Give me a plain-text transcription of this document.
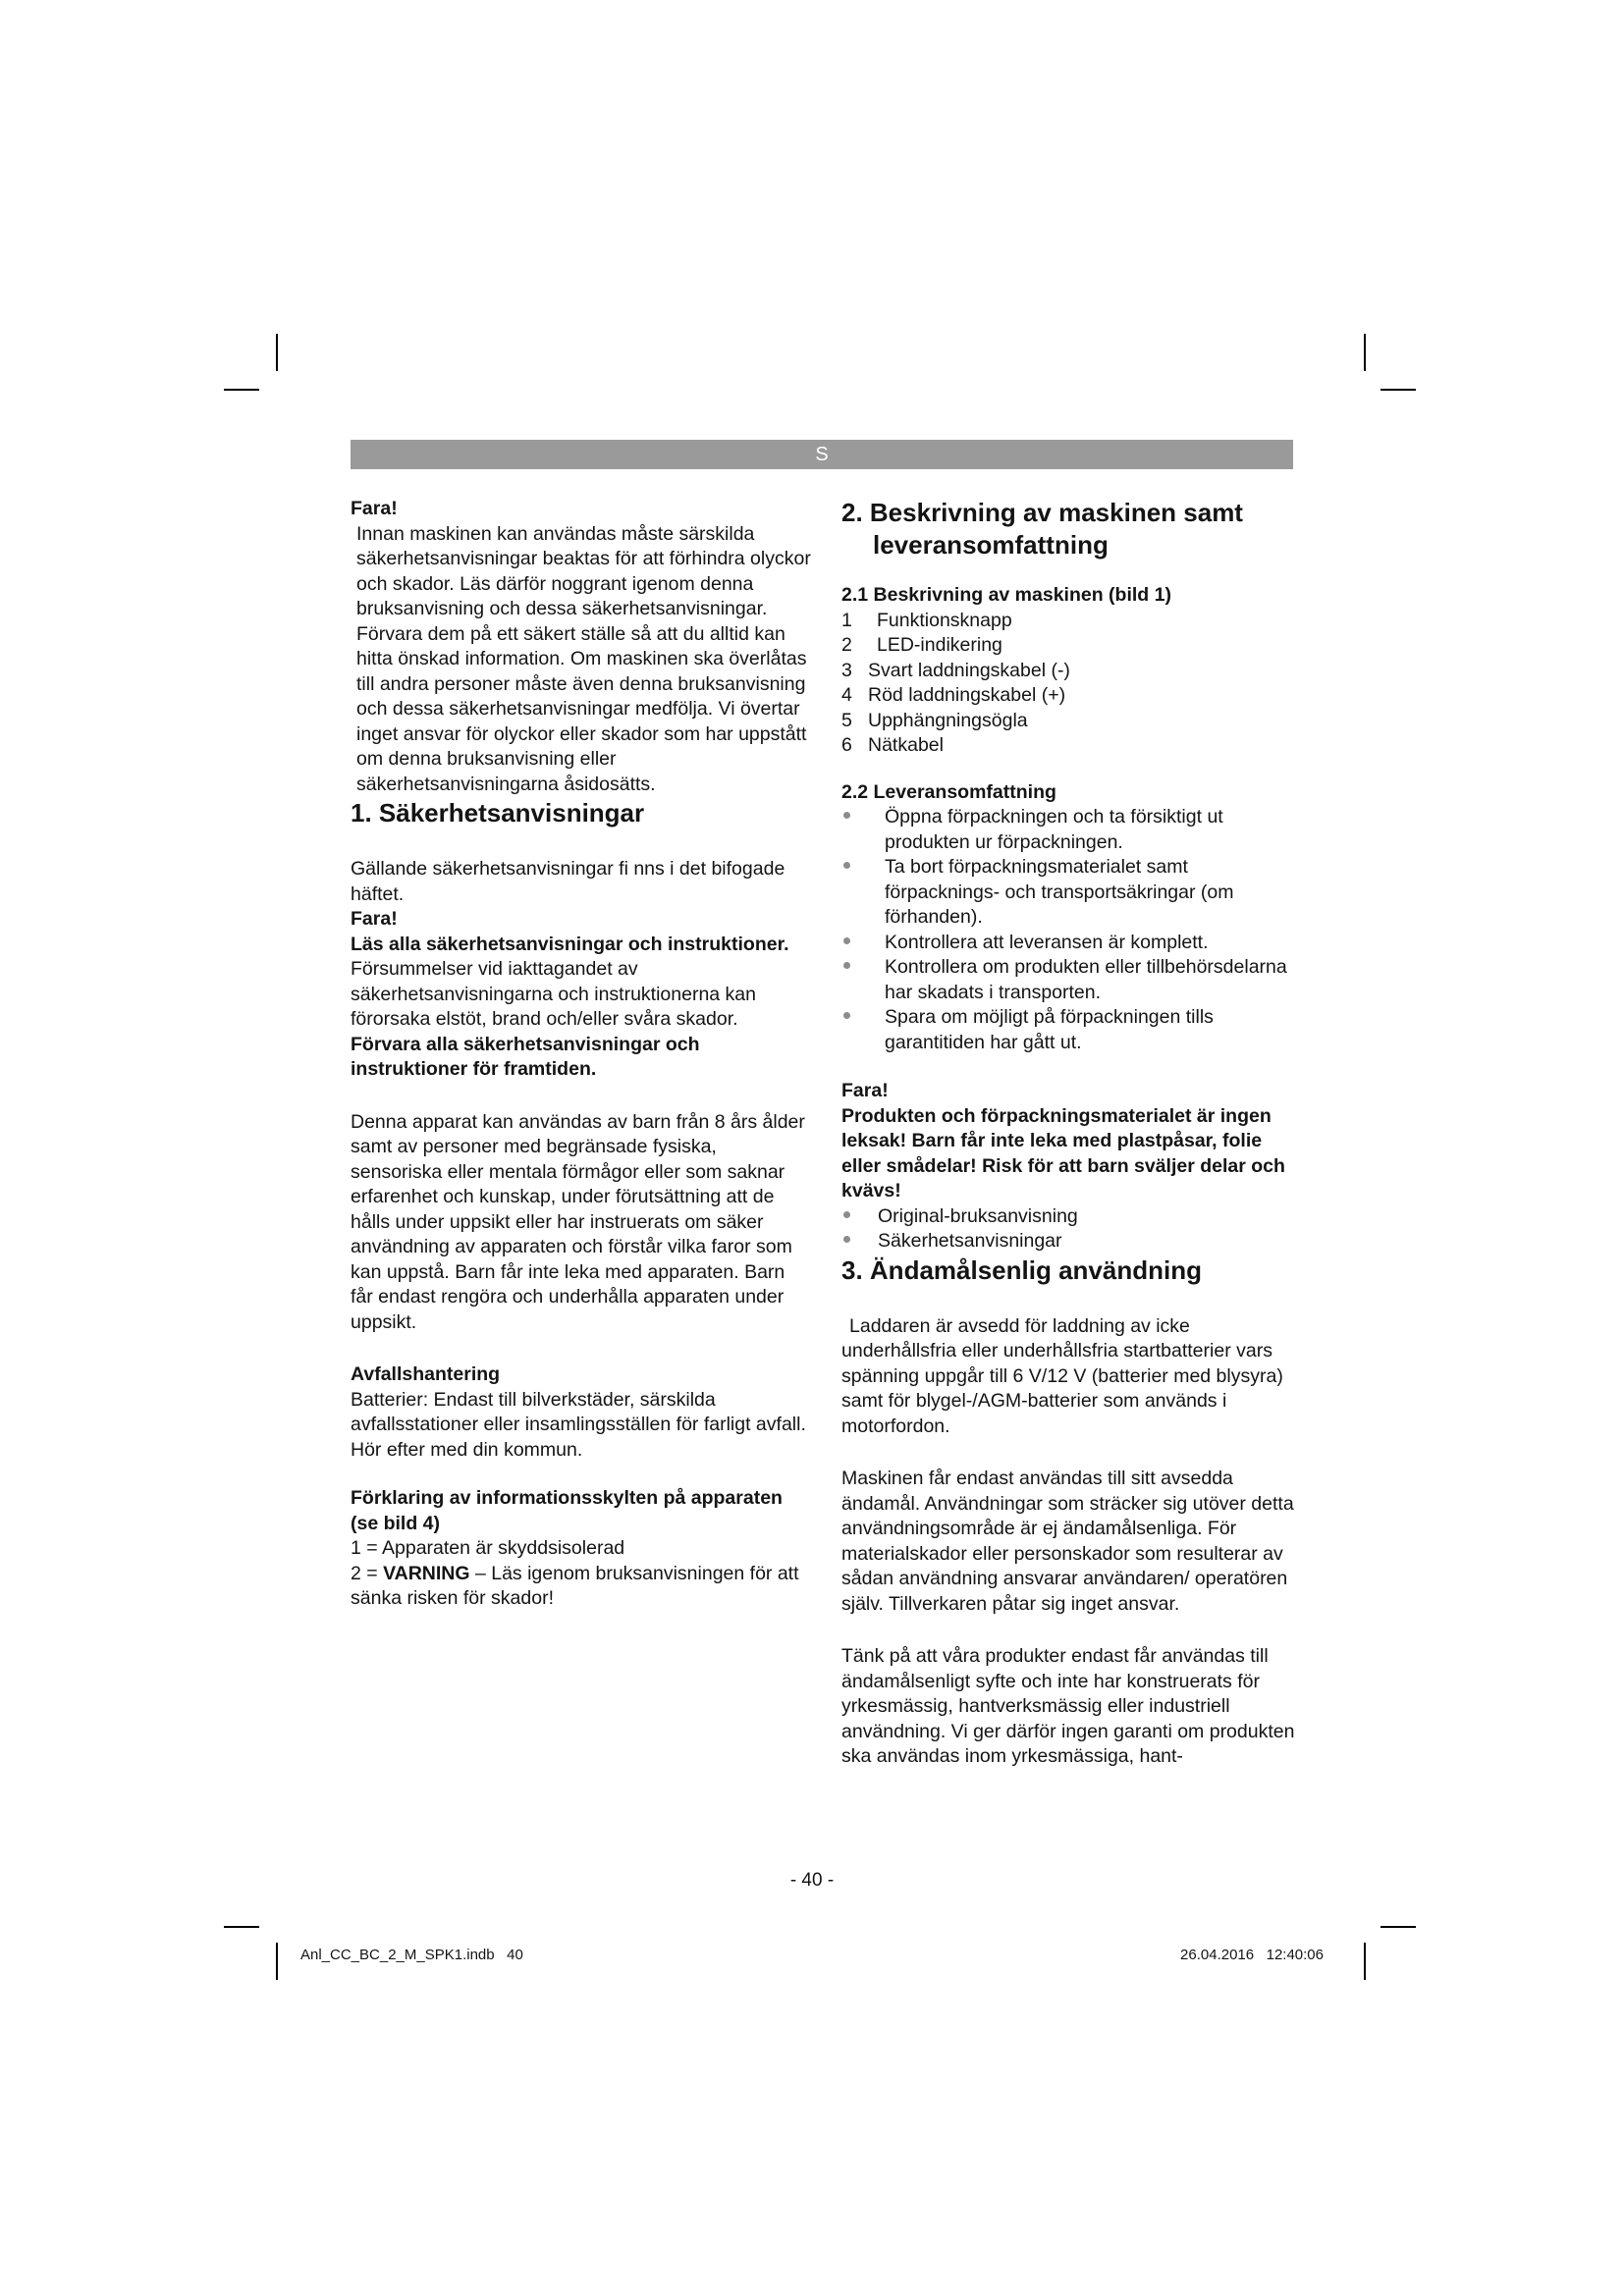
S

Fara!

Innan maskinen kan användas måste särskilda säkerhetsanvisningar beaktas för att förhindra olyckor och skador. Läs därför noggrant igenom denna bruksanvisning och dessa säkerhetsanvisningar. Förvara dem på ett säkert ställe så att du alltid kan hitta önskad information. Om maskinen ska överlåtas till andra personer måste även denna bruksanvisning och dessa säkerhetsanvisningar medfölja. Vi övertar inget ansvar för olyckor eller skador som har uppstått om denna bruksanvisning eller säkerhetsanvisningarna åsidosätts.

1. Säkerhetsanvisningar

Gällande säkerhetsanvisningar fi nns i det bifogade häftet.

Fara!

Läs alla säkerhetsanvisningar och instruktioner. Försummelser vid iakttagandet av säkerhetsanvisningarna och instruktionerna kan förorsaka elstöt, brand och/eller svåra skador. Förvara alla säkerhetsanvisningar och instruktioner för framtiden.

Denna apparat kan användas av barn från 8 års ålder samt av personer med begränsade fysiska, sensoriska eller mentala förmågor eller som saknar erfarenhet och kunskap, under förutsättning att de hålls under uppsikt eller har instruerats om säker användning av apparaten och förstår vilka faror som kan uppstå. Barn får inte leka med apparaten. Barn får endast rengöra och underhålla apparaten under uppsikt.

Avfallshantering

Batterier: Endast till bilverkstäder, särskilda avfallsstationer eller insamlingsställen för farligt avfall. Hör efter med din kommun.

Förklaring av informationsskylten på apparaten (se bild 4)

1 = Apparaten är skyddsisolerad

2 = VARNING – Läs igenom bruksanvisningen för att sänka risken för skador!

2. Beskrivning av maskinen samt leveransomfattning

2.1 Beskrivning av maskinen (bild 1)

1	Funktionsknapp
2	LED-indikering
3 Svart laddningskabel (-)
4 Röd laddningskabel (+)
5 Upphängningsögla
6 Nätkabel

2.2 Leveransomfattning

Öppna förpackningen och ta försiktigt ut produkten ur förpackningen.
Ta bort förpackningsmaterialet samt förpacknings- och transportsäkringar (om förhanden).
Kontrollera att leveransen är komplett.
Kontrollera om produkten eller tillbehörsdelarna har skadats i transporten.
Spara om möjligt på förpackningen tills garantitiden har gått ut.

Fara!

Produkten och förpackningsmaterialet är ingen leksak! Barn får inte leka med plastpåsar, folie eller smådelar! Risk för att barn sväljer delar och kvävs!

Original-bruksanvisning
Säkerhetsanvisningar
3. Ändamålsenlig användning

Laddaren är avsedd för laddning av icke underhållsfria eller underhållsfria startbatterier vars spänning uppgår till 6 V/12 V (batterier med blysyra) samt för blygel-/AGM-batterier som används i motorfordon.

Maskinen får endast användas till sitt avsedda ändamål. Användningar som sträcker sig utöver detta användningsområde är ej ändamålsenliga. För materialskador eller personskador som resulterar av sådan användning ansvarar användaren/ operatören själv. Tillverkaren påtar sig inget ansvar.

Tänk på att våra produkter endast får användas till ändamålsenligt syfte och inte har konstruerats för yrkesmässig, hantverksmässig eller industriell användning. Vi ger därför ingen garanti om produkten ska användas inom yrkesmässiga, hant-

- 40 -
Anl_CC_BC_2_M_SPK1.indb   40	26.04.2016   12:40:06
